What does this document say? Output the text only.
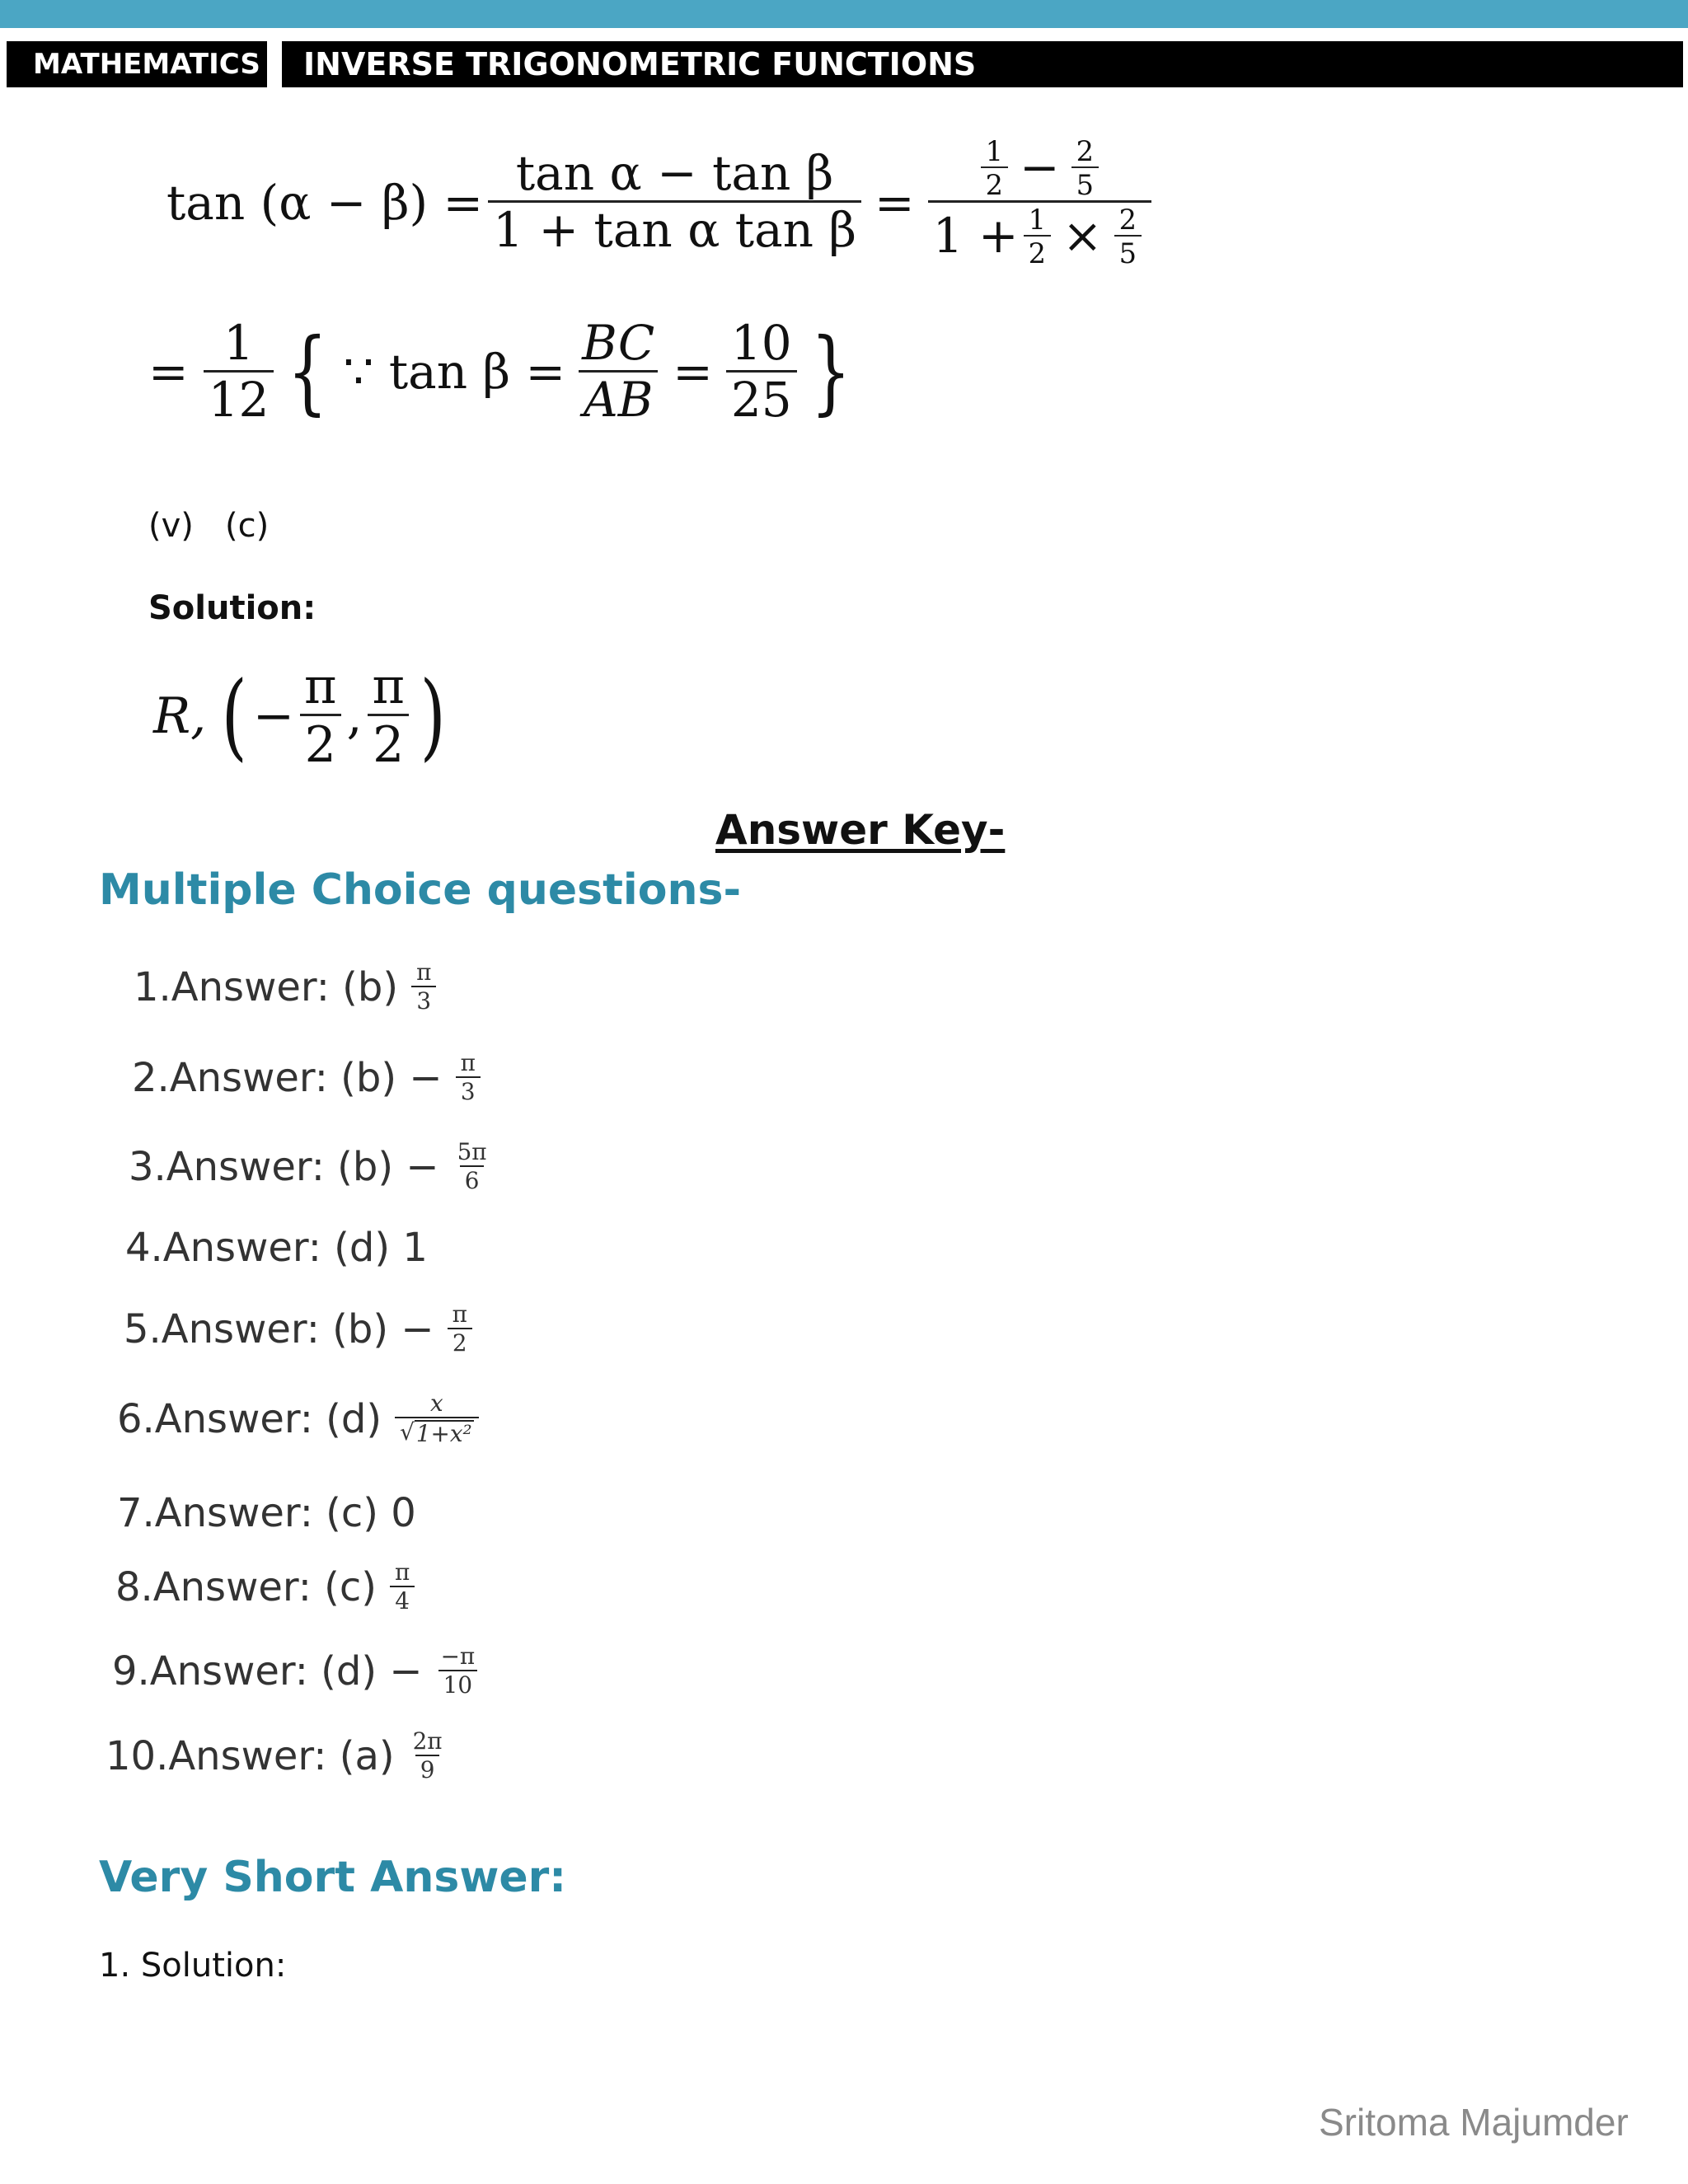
MATHEMATICS	INVERSE TRIGONOMETRIC FUNCTIONS
$\tan (\alpha - \beta) = \frac{\text{tan α − tan β}}{\text{1 + tan α tan β}} = \frac{\frac{1}{2} - \frac{2}{5}}{1 + \frac{1}{2} \times \frac{2}{5}}$
= $\frac{1}{12}$ { ∵ $\tan \beta = \frac{BC}{AB} = \frac{10}{25}$ }
(v) (c)
Solution:
R, ( − $\frac{\pi}{2}$ ,
π
2 )
Answer Key-
Multiple Choice questions-
1.Answer: $(b) \frac{\pi}{3}$
2.Answer: $(b) - \frac{\pi}{3}$
3.Answer: $(b) - \frac{5\pi}{6}$
4.Answer: (d) 1
5.Answer: $(b) - \frac{\pi}{2}$
6.Answer: (d) x
√ 1+x²
7.Answer: (c) 0
8.Answer: $(c) \frac{\pi}{4}$
9.Answer: $(d) - \frac{-\pi}{10}$
10.Answer: $(a) \frac{2\pi}{9}$
Very Short Answer:
1. Solution:
Sritoma Majumder
